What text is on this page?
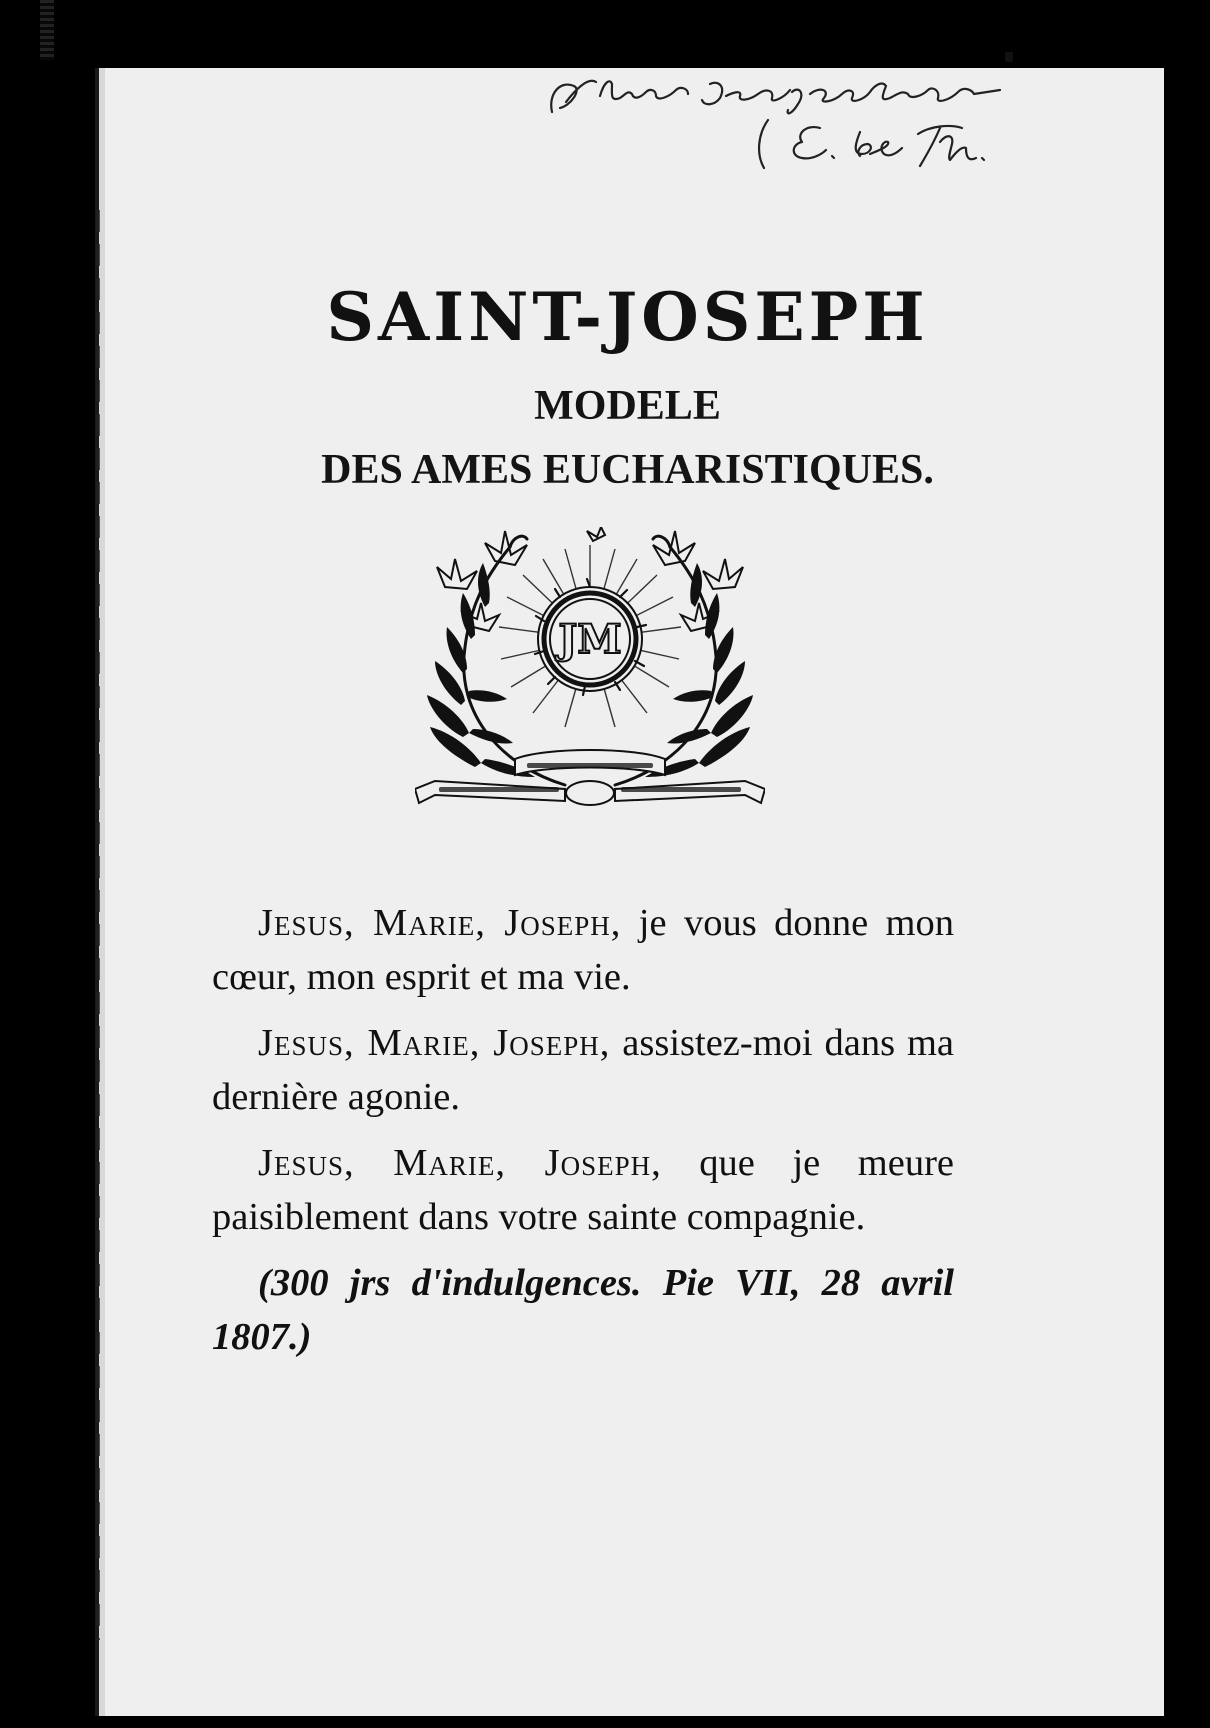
SAINT-JOSEPH

MODELE

DES AMES EUCHARISTIQUES.

JM

Jesus, Marie, Joseph, je vous donne mon cœur, mon esprit et ma vie.

Jesus, Marie, Joseph, assistez-moi dans ma dernière agonie.

Jesus, Marie, Joseph, que je meure paisiblement dans votre sainte compagnie.

(300 jrs d'indulgences. Pie VII, 28 avril 1807.)
